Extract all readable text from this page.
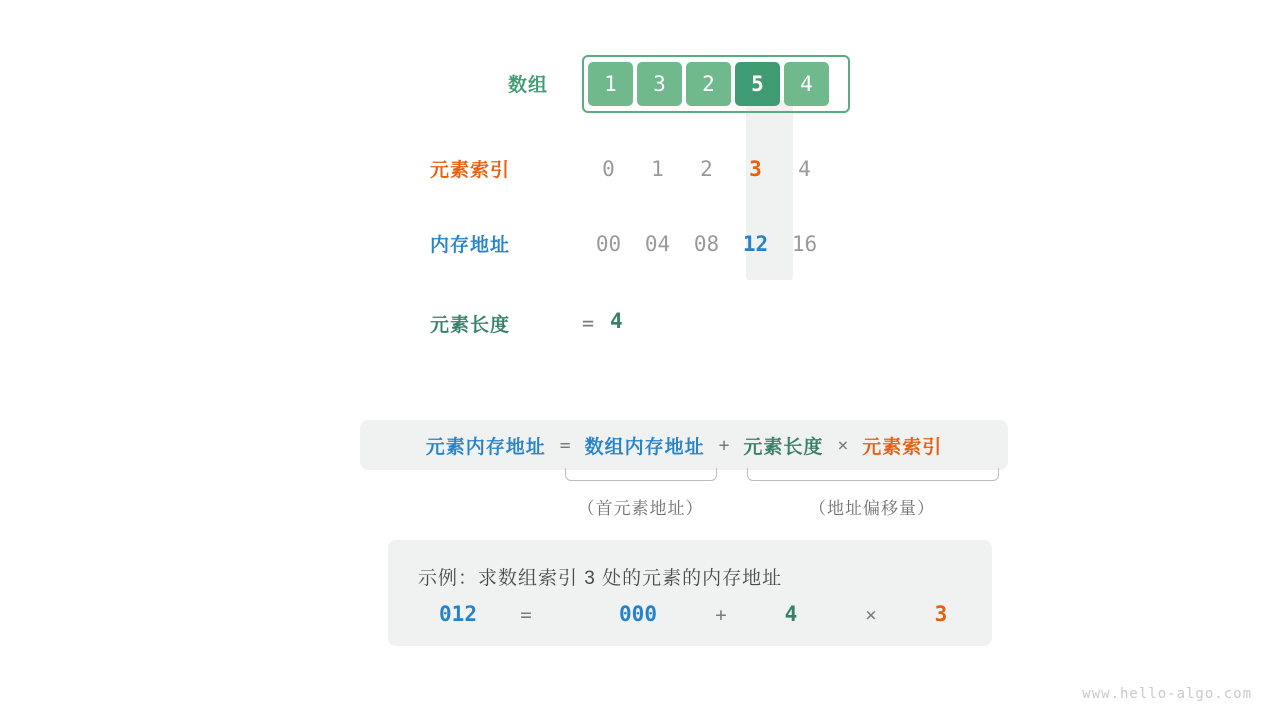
数组	1	3	2	5	4
元素索引	0	1	2	3	4
内存地址	00	04	08	12	16
元素长度	= 4
元素内存地址 = 数组内存地址 + 元素长度 × 元素索引
（首元素地址）	（地址偏移量）
示例：求数组索引 3 处的元素的内存地址
012	=	000	+	4	×	3
www.hello-algo.com
